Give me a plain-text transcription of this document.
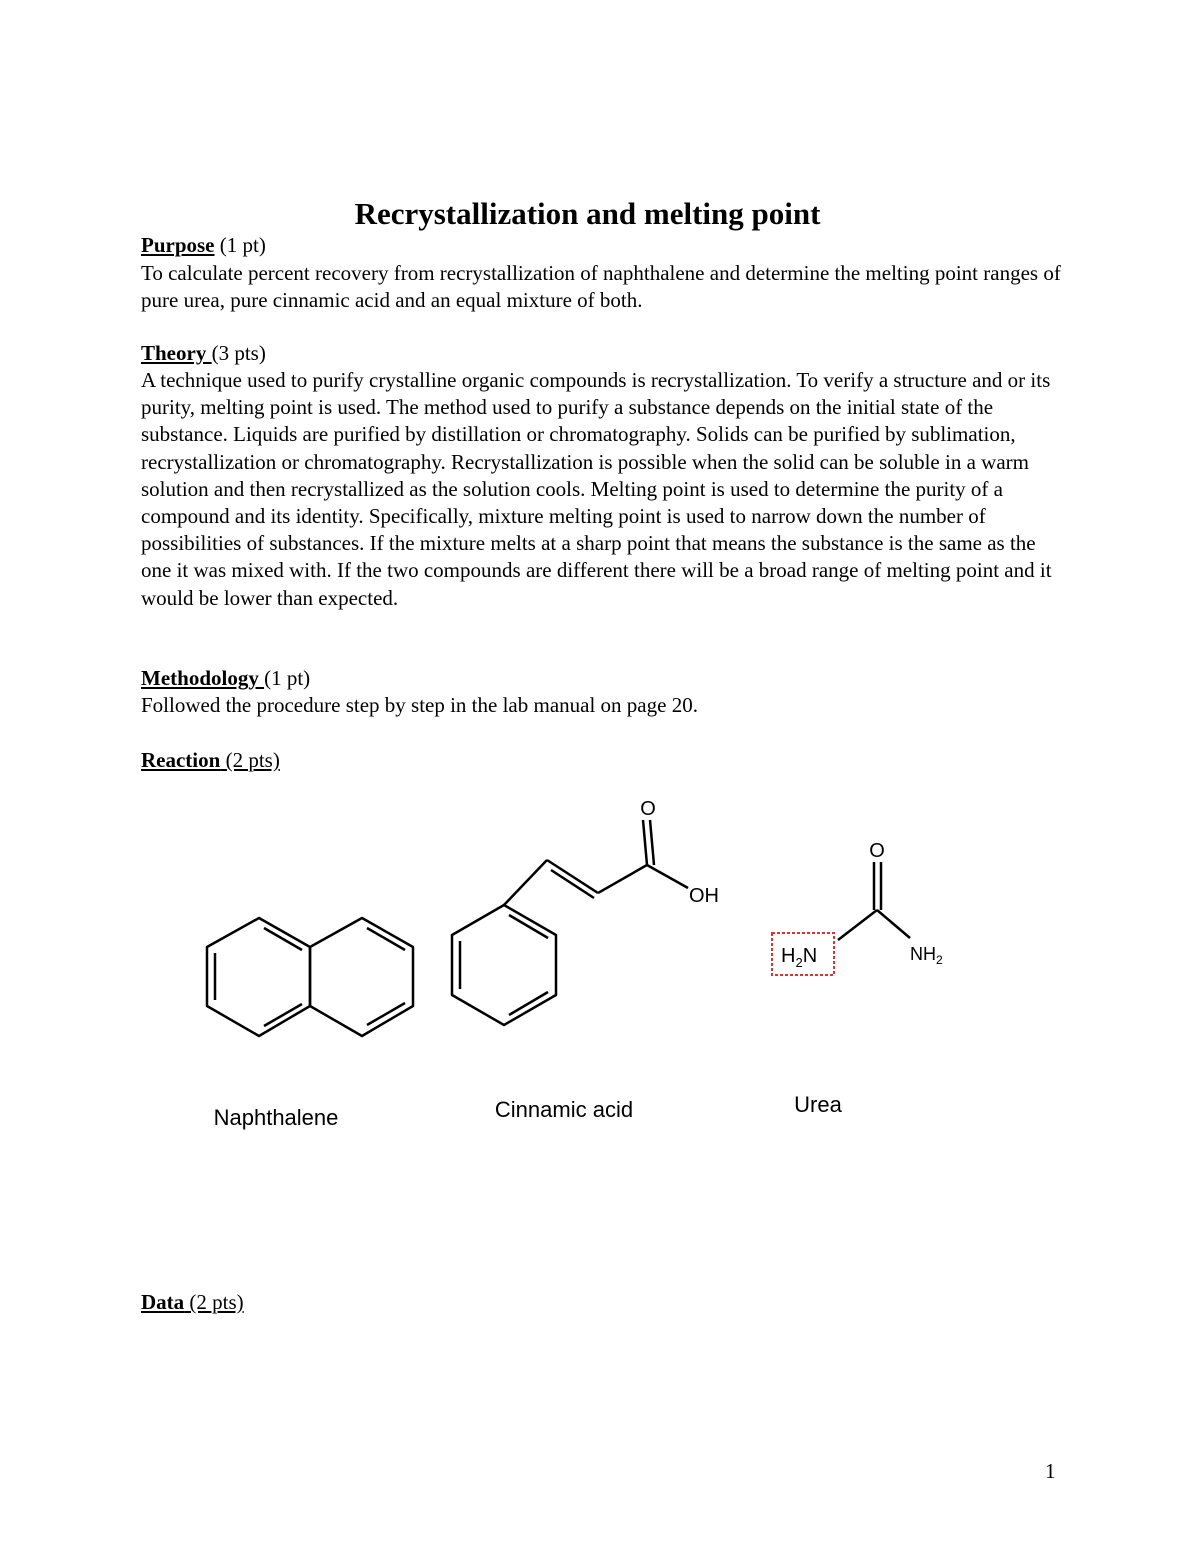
Recrystallization and melting point

Purpose (1 pt)

To calculate percent recovery from recrystallization of naphthalene and determine the melting point ranges of pure urea, pure cinnamic acid and an equal mixture of both.

Theory (3 pts)

A technique used to purify crystalline organic compounds is recrystallization. To verify a structure and or its purity, melting point is used. The method used to purify a substance depends on the initial state of the substance. Liquids are purified by distillation or chromatography. Solids can be purified by sublimation, recrystallization or chromatography. Recrystallization is possible when the solid can be soluble in a warm solution and then recrystallized as the solution cools. Melting point is used to determine the purity of a compound and its identity. Specifically, mixture melting point is used to narrow down the number of possibilities of substances. If the mixture melts at a sharp point that means the substance is the same as the one it was mixed with. If the two compounds are different there will be a broad range of melting point and it would be lower than expected.

Methodology (1 pt)

Followed the procedure step by step in the lab manual on page 20.

Reaction (2 pts)

Naphthalene
O
OH
Cinnamic acid
O
$H_2N$	$NH_2$
Urea

Data (2 pts)

1
